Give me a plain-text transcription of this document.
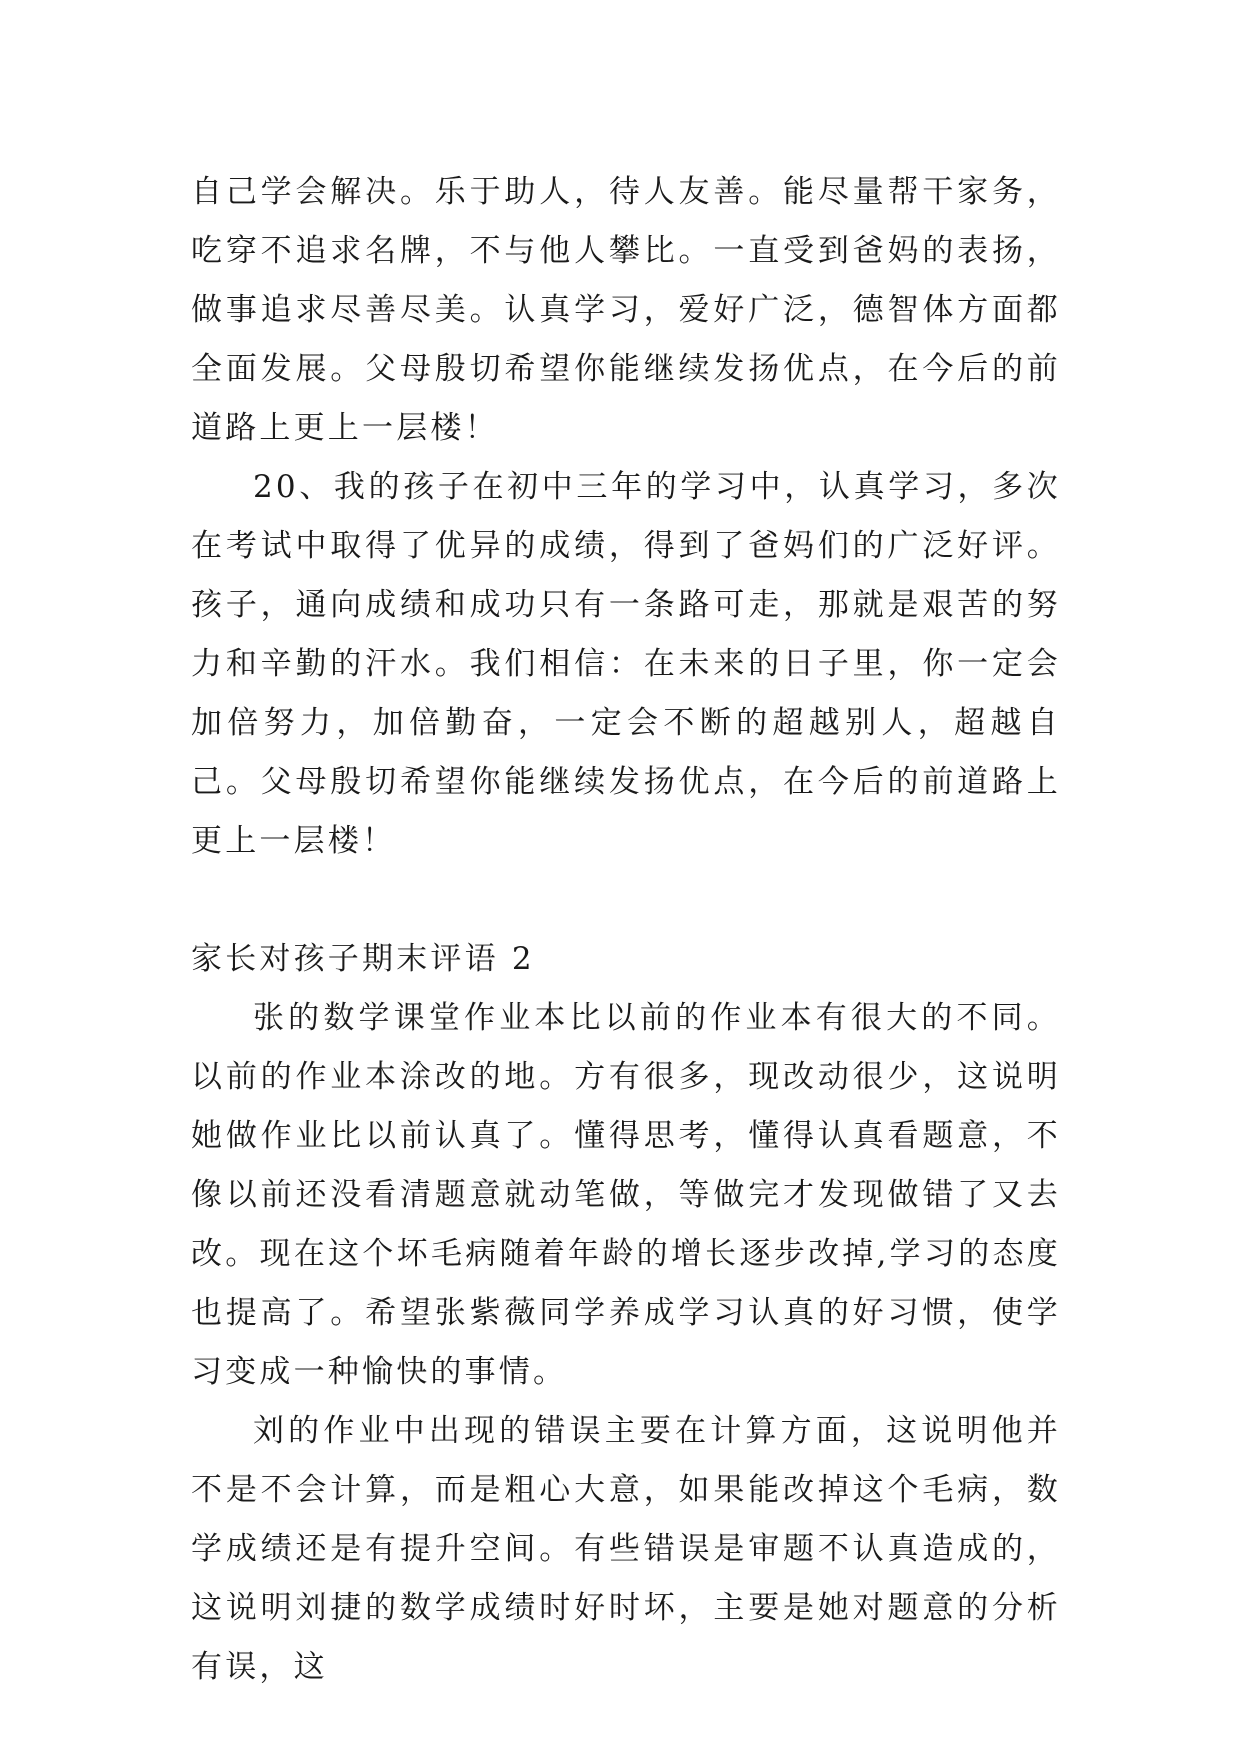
自己学会解决。乐于助人，待人友善。能尽量帮干家务，吃穿不追求名牌，不与他人攀比。一直受到爸妈的表扬，做事追求尽善尽美。认真学习，爱好广泛，德智体方面都全面发展。父母殷切希望你能继续发扬优点，在今后的前道路上更上一层楼！

20、我的孩子在初中三年的学习中，认真学习，多次在考试中取得了优异的成绩，得到了爸妈们的广泛好评。孩子，通向成绩和成功只有一条路可走，那就是艰苦的努力和辛勤的汗水。我们相信：在未来的日子里，你一定会加倍努力，加倍勤奋，一定会不断的超越别人，超越自己。父母殷切希望你能继续发扬优点，在今后的前道路上更上一层楼！

家长对孩子期末评语 2

张的数学课堂作业本比以前的作业本有很大的不同。以前的作业本涂改的地。方有很多，现改动很少，这说明她做作业比以前认真了。懂得思考，懂得认真看题意，不像以前还没看清题意就动笔做，等做完才发现做错了又去改。现在这个坏毛病随着年龄的增长逐步改掉,学习的态度也提高了。希望张紫薇同学养成学习认真的好习惯，使学习变成一种愉快的事情。

刘的作业中出现的错误主要在计算方面，这说明他并不是不会计算，而是粗心大意，如果能改掉这个毛病，数学成绩还是有提升空间。有些错误是审题不认真造成的，这说明刘捷的数学成绩时好时坏，主要是她对题意的分析有误，这
